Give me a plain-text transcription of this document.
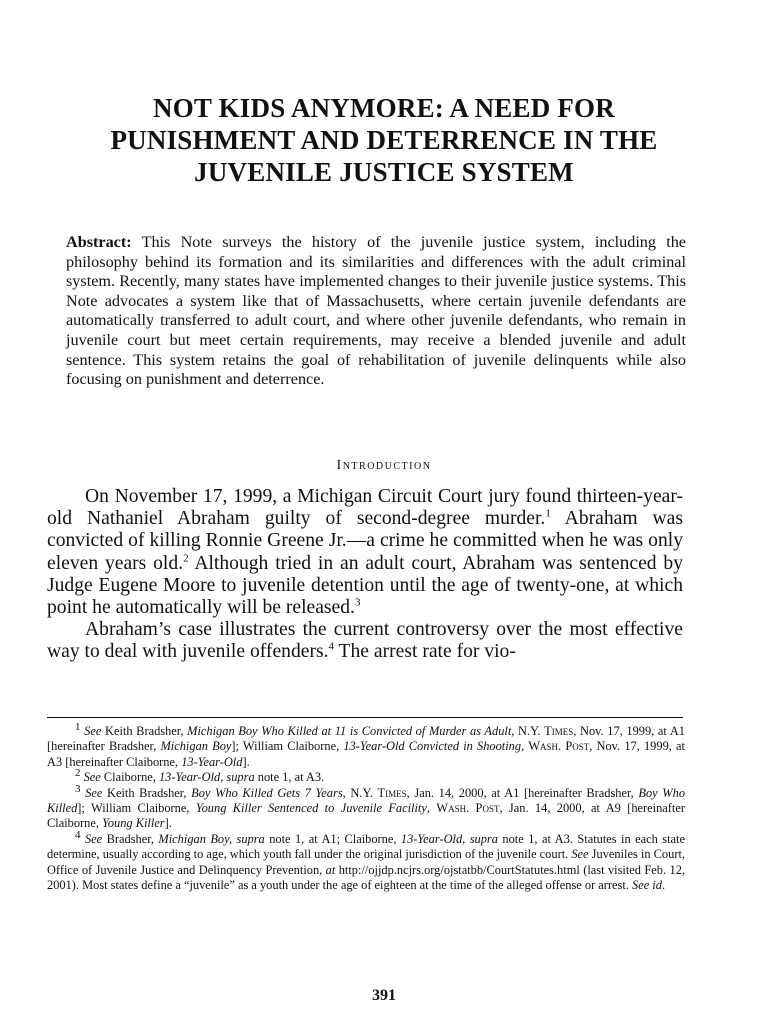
NOT KIDS ANYMORE: A NEED FOR
PUNISHMENT AND DETERRENCE IN THE
JUVENILE JUSTICE SYSTEM
Abstract: This Note surveys the history of the juvenile justice system, including the philosophy behind its formation and its similarities and differences with the adult criminal system. Recently, many states have implemented changes to their juvenile justice systems. This Note advocates a system like that of Massachusetts, where certain juvenile defendants are automatically transferred to adult court, and where other juvenile defendants, who remain in juvenile court but meet certain requirements, may receive a blended juvenile and adult sentence. This system retains the goal of rehabilitation of juvenile delinquents while also focusing on punishment and deterrence.
Introduction

On November 17, 1999, a Michigan Circuit Court jury found thirteen-year-old Nathaniel Abraham guilty of second-degree murder.$^1$ Abraham was convicted of killing Ronnie Greene Jr.—a crime he committed when he was only eleven years old.$^2$ Although tried in an adult court, Abraham was sentenced by Judge Eugene Moore to juvenile detention until the age of twenty-one, at which point he automatically will be released.$^3$

Abraham’s case illustrates the current controversy over the most effective way to deal with juvenile offenders.$^4$ The arrest rate for vio-

$^1$ See Keith Bradsher, Michigan Boy Who Killed at 11 is Convicted of Murder as Adult, N.Y. Times, Nov. 17, 1999, at A1 [hereinafter Bradsher, Michigan Boy]; William Claiborne, 13-Year-Old Convicted in Shooting, Wash. Post, Nov. 17, 1999, at A3 [hereinafter Claiborne, 13-Year-Old].

$^2$ See Claiborne, 13-Year-Old, supra note 1, at A3.

$^3$ See Keith Bradsher, Boy Who Killed Gets 7 Years, N.Y. Times, Jan. 14, 2000, at A1 [hereinafter Bradsher, Boy Who Killed]; William Claiborne, Young Killer Sentenced to Juvenile Facility, Wash. Post, Jan. 14, 2000, at A9 [hereinafter Claiborne, Young Killer].

$^4$ See Bradsher, Michigan Boy, supra note 1, at A1; Claiborne, 13-Year-Old, supra note 1, at A3. Statutes in each state determine, usually according to age, which youth fall under the original jurisdiction of the juvenile court. See Juveniles in Court, Office of Juvenile Justice and Delinquency Prevention, at http://ojjdp.ncjrs.org/ojstatbb/CourtStatutes.html (last visited Feb. 12, 2001). Most states define a “juvenile” as a youth under the age of eighteen at the time of the alleged offense or arrest. See id.

391
